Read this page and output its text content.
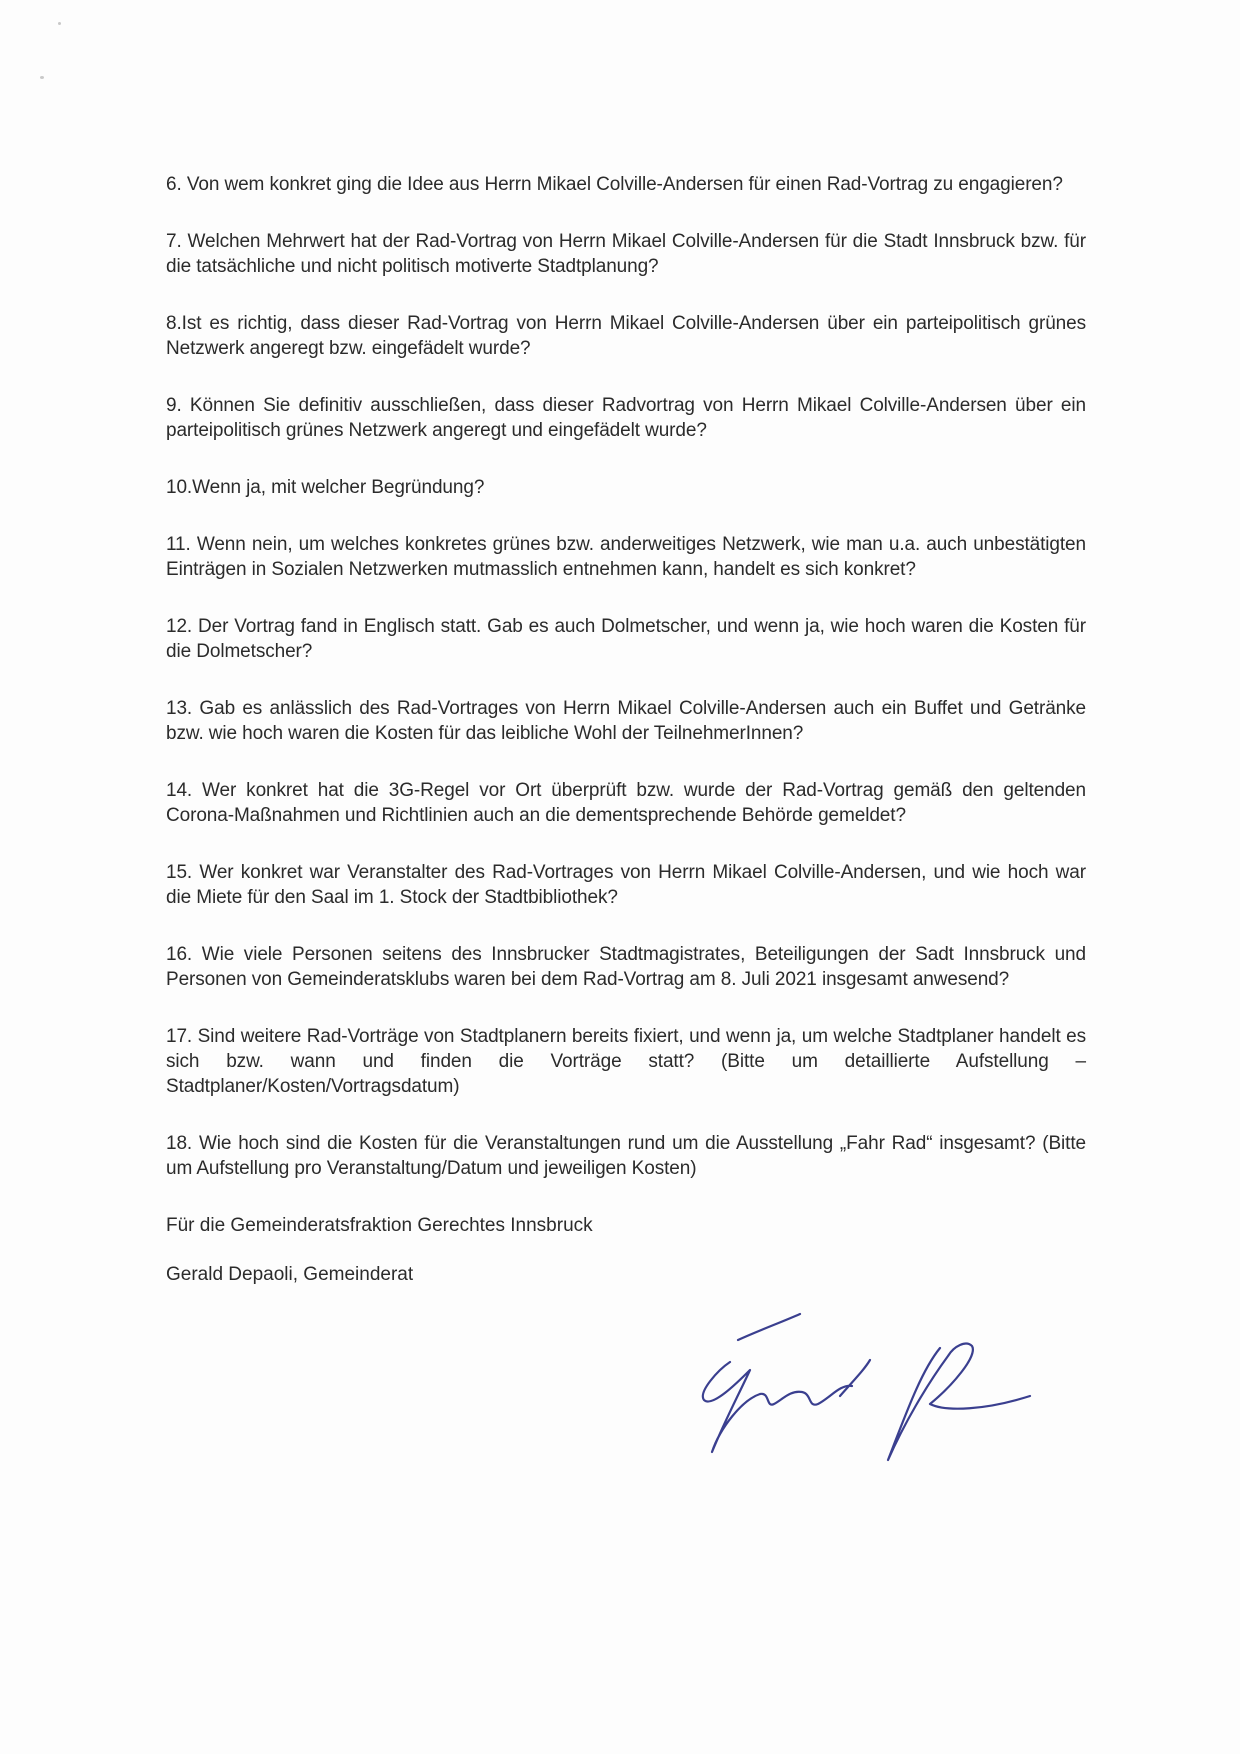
6. Von wem konkret ging die Idee aus Herrn Mikael Colville-Andersen für einen Rad-Vortrag zu engagieren?

7. Welchen Mehrwert hat der Rad-Vortrag von Herrn Mikael Colville-Andersen für die Stadt Innsbruck bzw. für die tatsächliche und nicht politisch motiverte Stadtplanung?

8.Ist es richtig, dass dieser Rad-Vortrag von Herrn Mikael Colville-Andersen über ein parteipolitisch grünes Netzwerk angeregt bzw. eingefädelt wurde?

9. Können Sie definitiv ausschließen, dass dieser Radvortrag von Herrn Mikael Colville-Andersen über ein parteipolitisch grünes Netzwerk angeregt und eingefädelt wurde?

10.Wenn ja, mit welcher Begründung?

11. Wenn nein, um welches konkretes grünes bzw. anderweitiges Netzwerk, wie man u.a. auch unbestätigten Einträgen in Sozialen Netzwerken mutmasslich entnehmen kann, handelt es sich konkret?

12. Der Vortrag fand in Englisch statt. Gab es auch Dolmetscher, und wenn ja, wie hoch waren die Kosten für die Dolmetscher?

13. Gab es anlässlich des Rad-Vortrages von Herrn Mikael Colville-Andersen auch ein Buffet und Getränke bzw. wie hoch waren die Kosten für das leibliche Wohl der TeilnehmerInnen?

14. Wer konkret hat die 3G-Regel vor Ort überprüft bzw. wurde der Rad-Vortrag gemäß den geltenden Corona-Maßnahmen und Richtlinien auch an die dementsprechende Behörde gemeldet?

15. Wer konkret war Veranstalter des Rad-Vortrages von Herrn Mikael Colville-Andersen, und wie hoch war die Miete für den Saal im 1. Stock der Stadtbibliothek?

16. Wie viele Personen seitens des Innsbrucker Stadtmagistrates, Beteiligungen der Sadt Innsbruck und Personen von Gemeinderatsklubs waren bei dem Rad-Vortrag am 8. Juli 2021 insgesamt anwesend?

17. Sind weitere Rad-Vorträge von Stadtplanern bereits fixiert, und wenn ja, um welche Stadtplaner handelt es sich bzw. wann und finden die Vorträge statt? (Bitte um detaillierte Aufstellung – Stadtplaner/Kosten/Vortragsdatum)

18. Wie hoch sind die Kosten für die Veranstaltungen rund um die Ausstellung „Fahr Rad“ insgesamt? (Bitte um Aufstellung pro Veranstaltung/Datum und jeweiligen Kosten)

Für die Gemeinderatsfraktion Gerechtes Innsbruck

Gerald Depaoli, Gemeinderat
